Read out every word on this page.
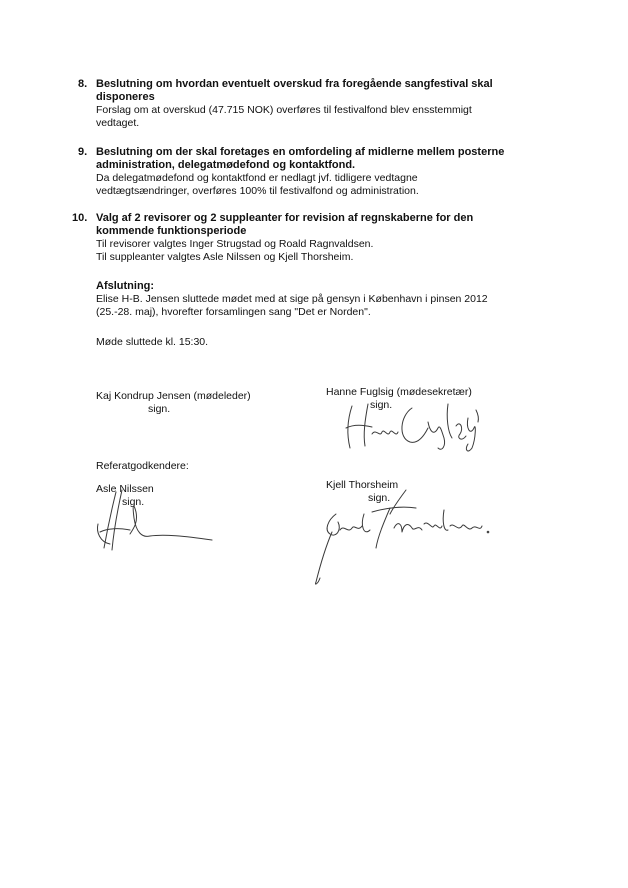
8. Beslutning om hvordan eventuelt overskud fra foregående sangfestival skal
disponeres
Forslag om at overskud (47.715 NOK) overføres til festivalfond blev ensstemmigt
vedtaget.
9. Beslutning om der skal foretages en omfordeling af midlerne mellem posterne
administration, delegatmødefond og kontaktfond.
Da delegatmødefond og kontaktfond er nedlagt jvf. tidligere vedtagne
vedtægtsændringer, overføres 100% til festivalfond og administration.
10. Valg af 2 revisorer og 2 suppleanter for revision af regnskaberne for den
kommende funktionsperiode
Til revisorer valgtes Inger Strugstad og Roald Ragnvaldsen.
Til suppleanter valgtes Asle Nilssen og Kjell Thorsheim.
Afslutning:
Elise H-B. Jensen sluttede mødet med at sige på gensyn i København i pinsen 2012
(25.-28. maj), hvorefter forsamlingen sang "Det er Norden".
Møde sluttede kl. 15:30.
Kaj Kondrup Jensen (mødeleder)
sign.
Hanne Fuglsig (mødesekretær)
sign.
Referatgodkendere:
Asle Nilssen
sign.
Kjell Thorsheim
sign.
